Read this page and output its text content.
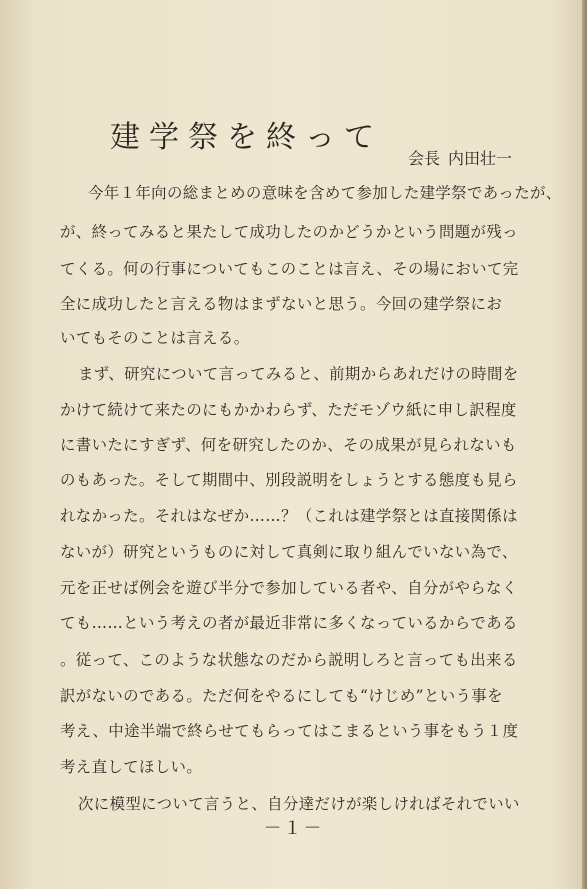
建学祭を終って
会長 内田壮一
今年１年向の総まとめの意味を含めて参加した建学祭であったが、
が、終ってみると果たして成功したのかどうかという問題が残っ
てくる。何の行事についてもこのことは言え、その場において完
全に成功したと言える物はまずないと思う。今回の建学祭にお
いてもそのことは言える。
まず、研究について言ってみると、前期からあれだけの時間を
かけて続けて来たのにもかかわらず、ただモゾウ紙に申し訳程度
に書いたにすぎず、何を研究したのか、その成果が見られないも
のもあった。そして期間中、別段説明をしょうとする態度も見ら
れなかった。それはなぜか……？（これは建学祭とは直接関係は
ないが）研究というものに対して真剣に取り組んでいない為で、
元を正せば例会を遊び半分で参加している者や、自分がやらなく
ても……という考えの者が最近非常に多くなっているからである
。従って、このような状態なのだから説明しろと言っても出来る
訳がないのである。ただ何をやるにしても“けじめ”という事を
考え、中途半端で終らせてもらってはこまるという事をもう１度
考え直してほしい。
次に模型について言うと、自分達だけが楽しければそれでいい
－１－
